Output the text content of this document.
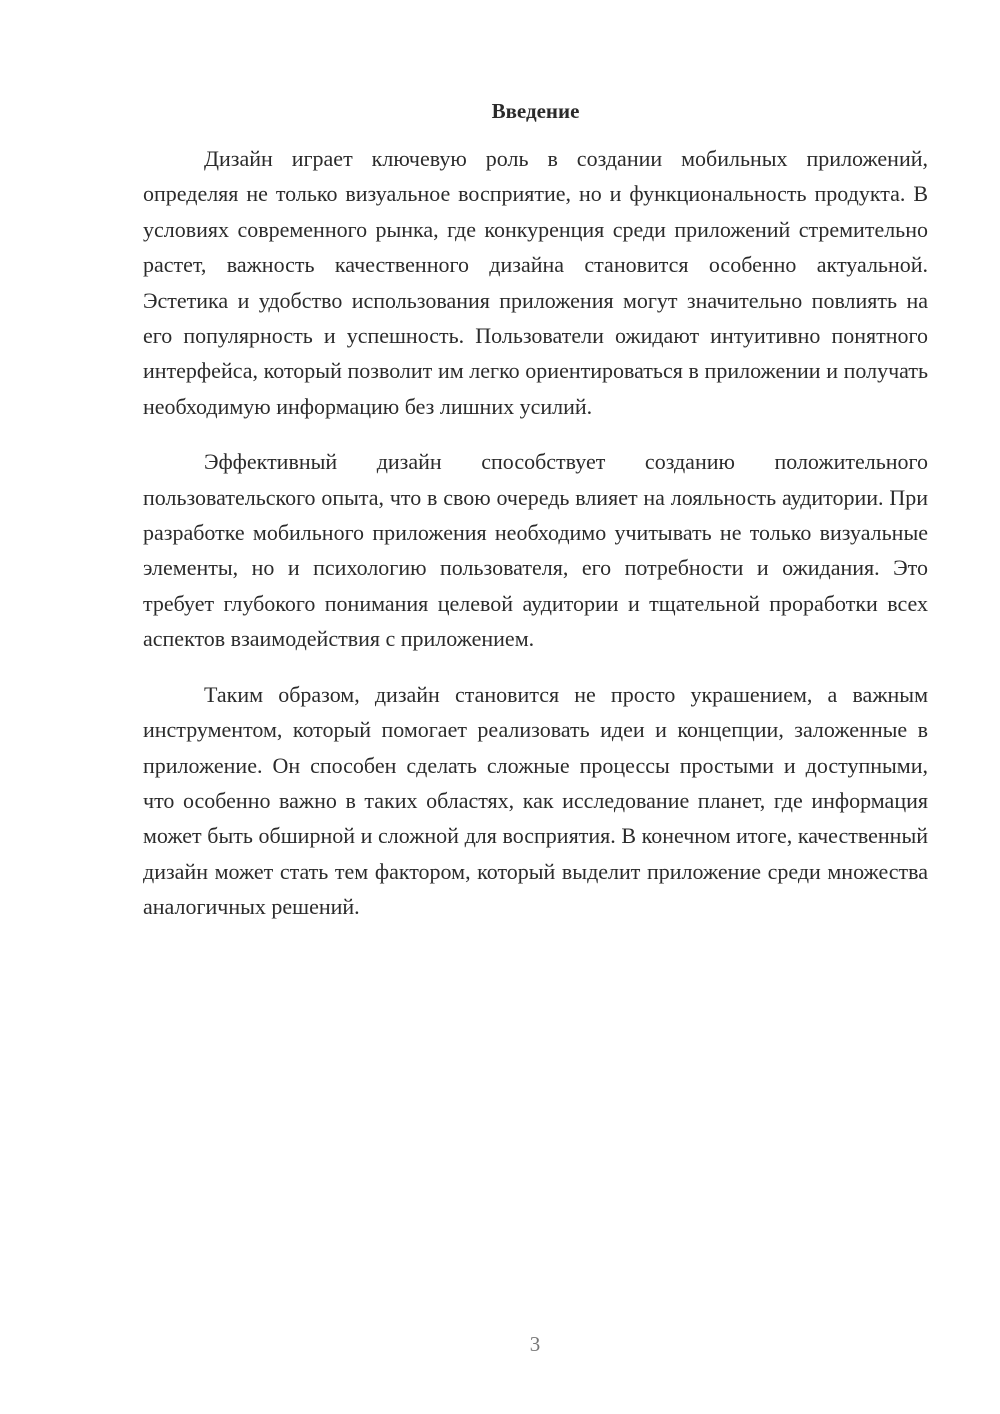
Введение

Дизайн играет ключевую роль в создании мобильных приложений, определяя не только визуальное восприятие, но и функциональность продукта. В условиях современного рынка, где конкуренция среди приложений стремительно растет, важность качественного дизайна становится особенно актуальной. Эстетика и удобство использования приложения могут значительно повлиять на его популярность и успешность. Пользователи ожидают интуитивно понятного интерфейса, который позволит им легко ориентироваться в приложении и получать необходимую информацию без лишних усилий.

Эффективный дизайн способствует созданию положительного пользовательского опыта, что в свою очередь влияет на лояльность аудитории. При разработке мобильного приложения необходимо учитывать не только визуальные элементы, но и психологию пользователя, его потребности и ожидания. Это требует глубокого понимания целевой аудитории и тщательной проработки всех аспектов взаимодействия с приложением.

Таким образом, дизайн становится не просто украшением, а важным инструментом, который помогает реализовать идеи и концепции, заложенные в приложение. Он способен сделать сложные процессы простыми и доступными, что особенно важно в таких областях, как исследование планет, где информация может быть обширной и сложной для восприятия. В конечном итоге, качественный дизайн может стать тем фактором, который выделит приложение среди множества аналогичных решений.

3
